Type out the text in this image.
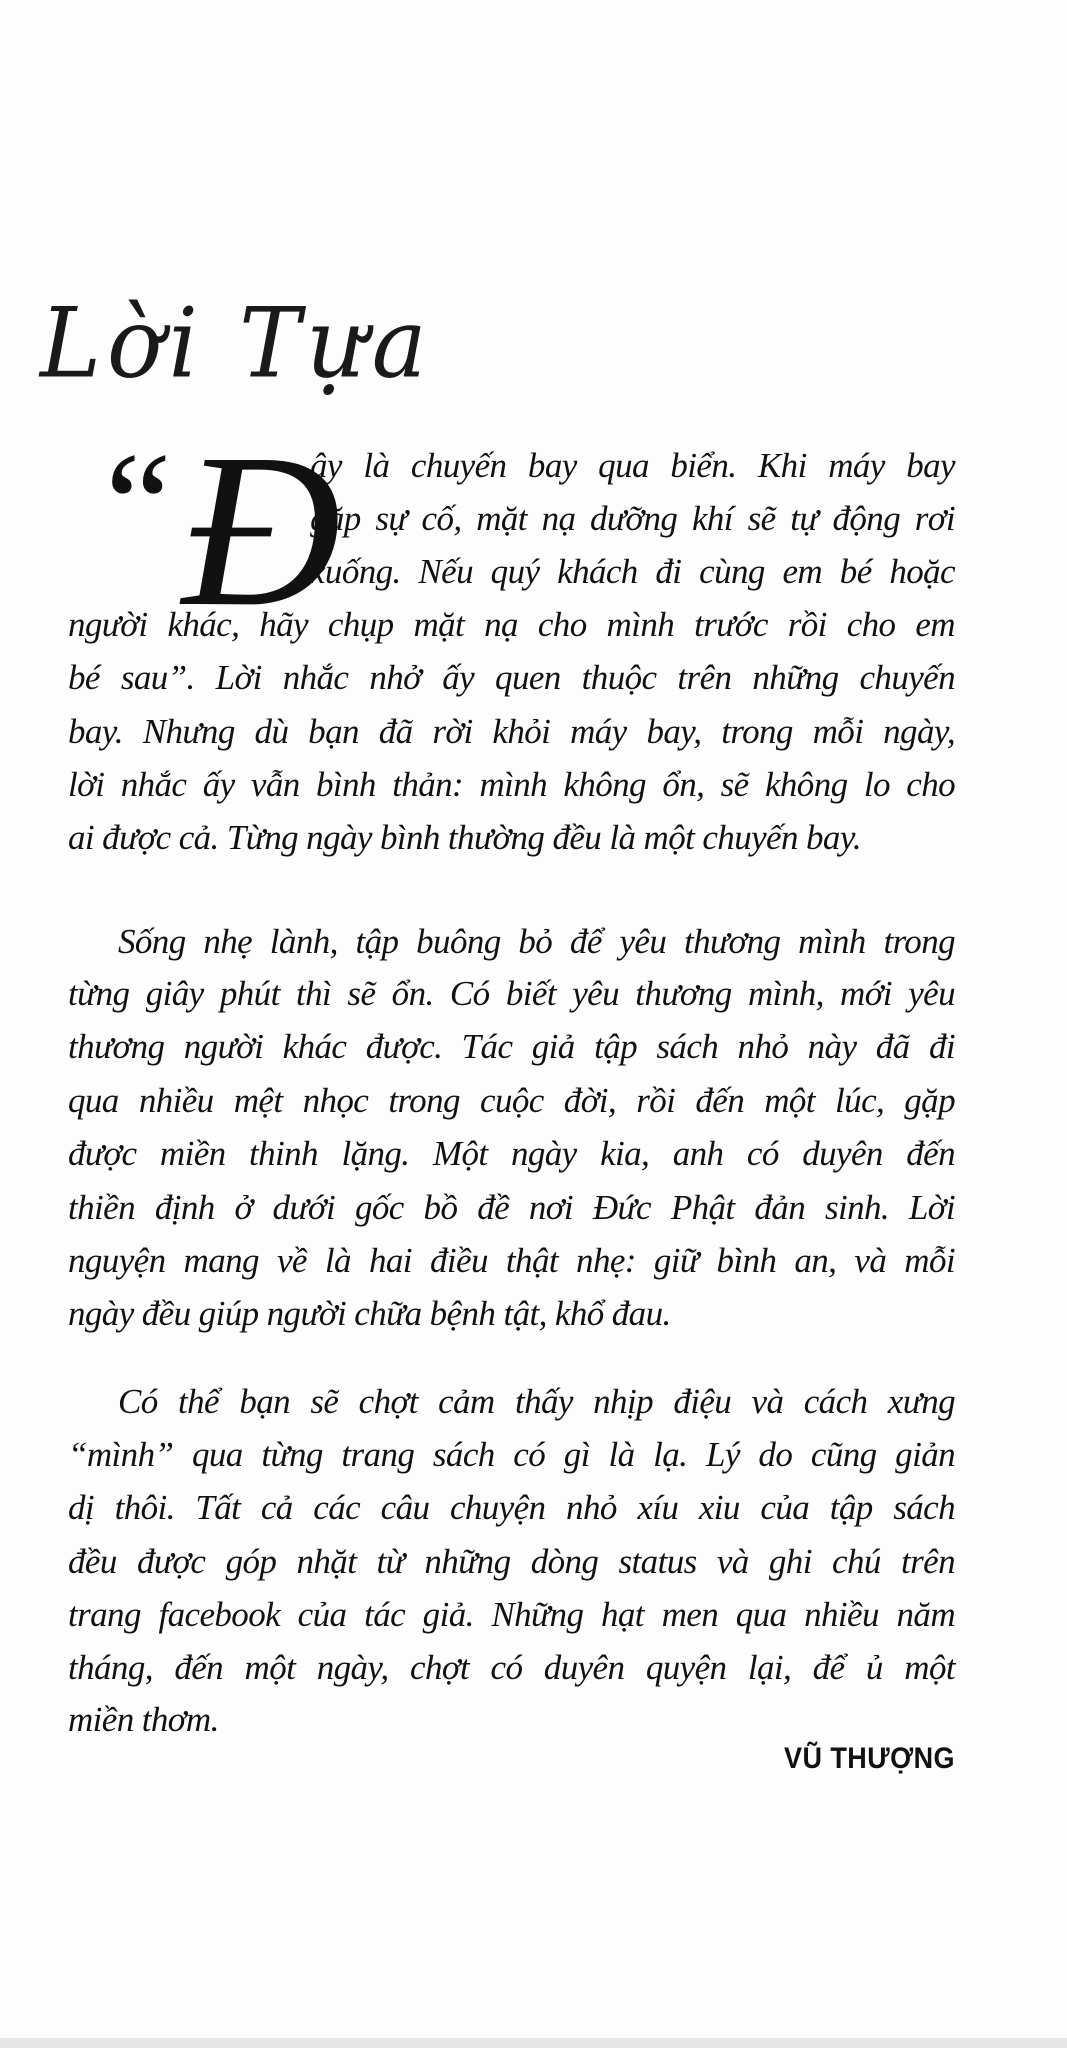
Lời Tựa
“ Đ
ây là chuyến bay qua biển. Khi máy bay
gặp sự cố, mặt nạ dưỡng khí sẽ tự động rơi
xuống. Nếu quý khách đi cùng em bé hoặc
người khác, hãy chụp mặt nạ cho mình trước rồi cho em
bé sau”. Lời nhắc nhở ấy quen thuộc trên những chuyến
bay. Nhưng dù bạn đã rời khỏi máy bay, trong mỗi ngày,
lời nhắc ấy vẫn bình thản: mình không ổn, sẽ không lo cho
ai được cả. Từng ngày bình thường đều là một chuyến bay.
Sống nhẹ lành, tập buông bỏ để yêu thương mình trong
từng giây phút thì sẽ ổn. Có biết yêu thương mình, mới yêu
thương người khác được. Tác giả tập sách nhỏ này đã đi
qua nhiều mệt nhọc trong cuộc đời, rồi đến một lúc, gặp
được miền thinh lặng. Một ngày kia, anh có duyên đến
thiền định ở dưới gốc bồ đề nơi Đức Phật đản sinh. Lời
nguyện mang về là hai điều thật nhẹ: giữ bình an, và mỗi
ngày đều giúp người chữa bệnh tật, khổ đau.
Có thể bạn sẽ chợt cảm thấy nhịp điệu và cách xưng
“mình” qua từng trang sách có gì là lạ. Lý do cũng giản
dị thôi. Tất cả các câu chuyện nhỏ xíu xiu của tập sách
đều được góp nhặt từ những dòng status và ghi chú trên
trang facebook của tác giả. Những hạt men qua nhiều năm
tháng, đến một ngày, chợt có duyên quyện lại, để ủ một
miền thơm.
VŨ THƯỢNG
